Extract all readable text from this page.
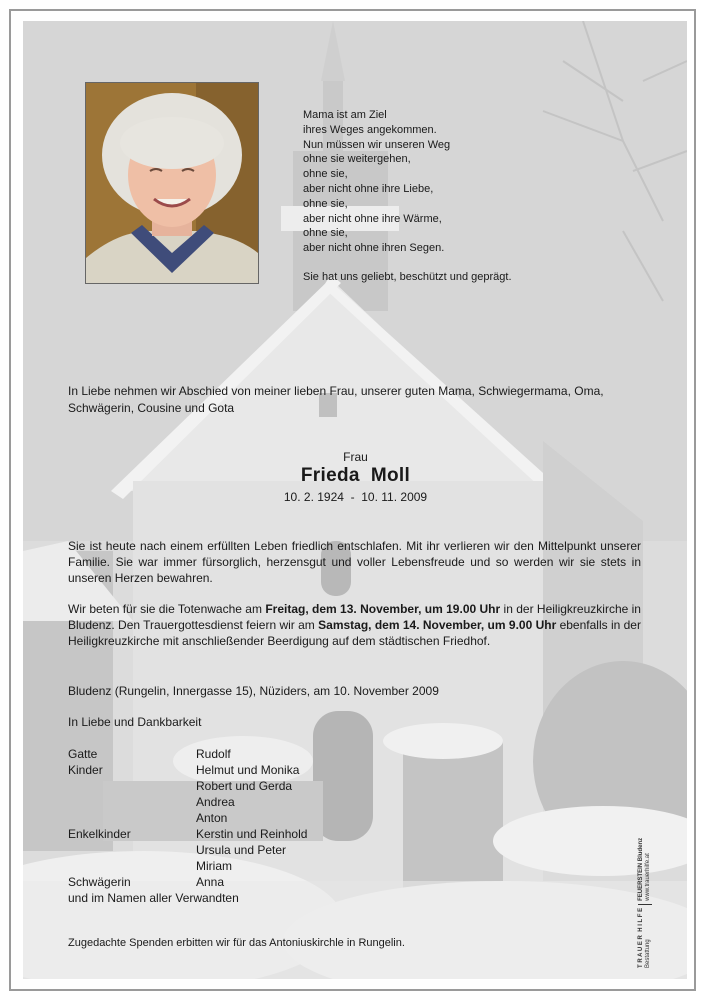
Mama ist am Ziel
ihres Weges angekommen.
Nun müssen wir unseren Weg
ohne sie weitergehen,
ohne sie,
aber nicht ohne ihre Liebe,
ohne sie,
aber nicht ohne ihre Wärme,
ohne sie,
aber nicht ohne ihren Segen.
Sie hat uns geliebt, beschützt und geprägt.
In Liebe nehmen wir Abschied von meiner lieben Frau, unserer guten Mama, Schwiegermama, Oma, Schwägerin, Cousine und Gota
Frau
Frieda  Moll
10. 2. 1924  -  10. 11. 2009
Sie ist heute nach einem erfüllten Leben friedlich entschlafen. Mit ihr verlieren wir den Mittelpunkt unserer Familie. Sie war immer fürsorglich, herzensgut und voller Lebensfreude und so werden wir sie stets in unseren Herzen bewahren.
Wir beten für sie die Totenwache am Freitag, dem 13. November, um 19.00 Uhr in der Heiligkreuzkirche in Bludenz. Den Trauergottesdienst feiern wir am Samstag, dem 14. November, um 9.00 Uhr ebenfalls in der Heiligkreuzkirche mit anschließender Beerdigung auf dem städtischen Friedhof.
Bludenz (Rungelin, Innergasse 15), Nüziders, am 10. November 2009
In Liebe und Dankbarkeit
Gatte	Rudolf
Kinder	Helmut und Monika
Robert und Gerda
Andrea
Anton
Enkelkinder	Kerstin und Reinhold
Ursula und Peter
Miriam
Schwägerin	Anna
und im Namen aller Verwandten
Zugedachte Spenden erbitten wir für das Antoniuskirchle in Rungelin.	T R A U E R  H I L F E Bestattung
FEUERSTEIN Bludenz www.trauerhilfe.at
